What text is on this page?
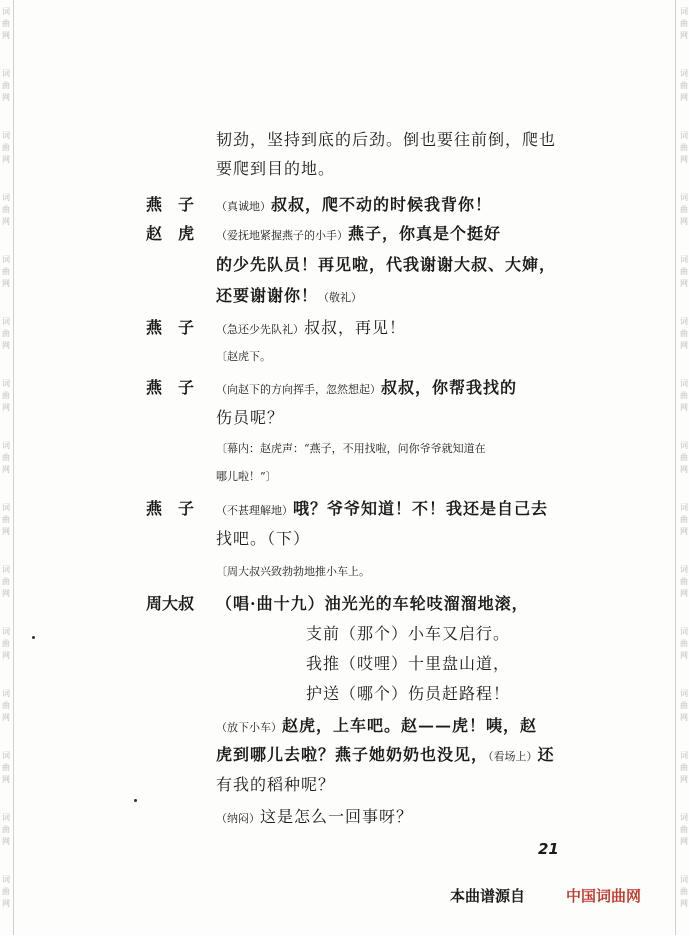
词
曲
网
词
曲
网
词
曲
网
词
曲
网
词
曲
网
词
曲
网
词
曲
网
词
曲
网
词
曲
网
词
曲
网
词
曲
网
词
曲
网
词
曲
网
词
曲
网
词
曲
网
词
曲
网
词
曲
网
词
曲
网
词
曲
网
词
曲
网
词
曲
网
词
曲
网
词
曲
网
词
曲
网
词
曲
网
词
曲
网
词
曲
网
词
曲
网
词
曲
网
词
曲
网
韧劲，坚持到底的后劲。倒也要往前倒，爬也
要爬到目的地。
燕　子 （真诚地）叔叔，爬不动的时候我背你！
赵　虎 （爱抚地紧握燕子的小手）燕子，你真是个挺好
的少先队员！再见啦，代我谢谢大叔、大婶，
还要谢谢你！（敬礼）
燕　子 （急还少先队礼）叔叔，再见！
〔赵虎下。
燕　子 （向赵下的方向挥手，忽然想起）叔叔，你帮我找的
伤员呢？
〔幕内：赵虎声：“燕子，不用找啦，问你爷爷就知道在
哪儿啦！”〕
燕　子 （不甚理解地）哦？爷爷知道！不！我还是自己去
找吧。（下）
〔周大叔兴致勃勃地推小车上。
周大叔 （唱·曲十九）油光光的车轮吱溜溜地滚，
支前（那个）小车又启行。
我推（哎哩）十里盘山道，
护送（哪个）伤员赶路程！
（放下小车）赵虎，上车吧。赵——虎！咦，赵
虎到哪儿去啦？燕子她奶奶也没见，（看场上）还
有我的稻种呢？
（纳闷）这是怎么一回事呀？
21
本曲谱源自	中国词曲网
